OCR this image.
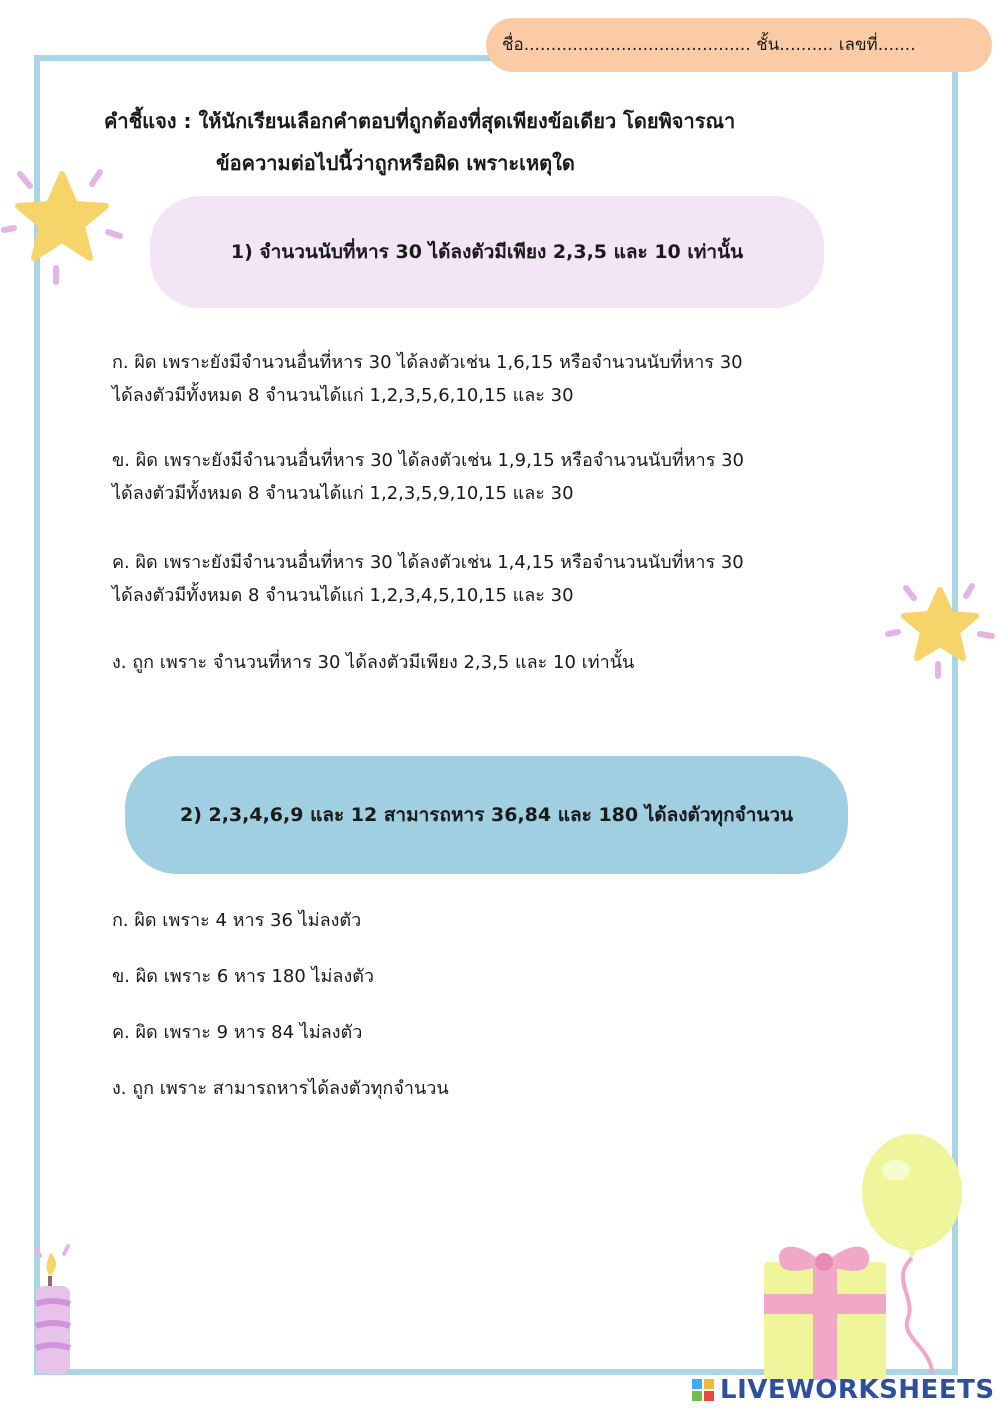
ชื่อ.......................................... ชั้น.......... เลขที่.......
คำชี้แจง : ให้นักเรียนเลือกคำตอบที่ถูกต้องที่สุดเพียงข้อเดียว โดยพิจารณา
ข้อความต่อไปนี้ว่าถูกหรือผิด เพราะเหตุใด
1) จำนวนนับที่หาร 30 ได้ลงตัวมีเพียง 2,3,5 และ 10 เท่านั้น
ก. ผิด เพราะยังมีจำนวนอื่นที่หาร 30 ได้ลงตัวเช่น 1,6,15 หรือจำนวนนับที่หาร 30
ได้ลงตัวมีทั้งหมด 8 จำนวนได้แก่ 1,2,3,5,6,10,15 และ 30
ข. ผิด เพราะยังมีจำนวนอื่นที่หาร 30 ได้ลงตัวเช่น 1,9,15 หรือจำนวนนับที่หาร 30
ได้ลงตัวมีทั้งหมด 8 จำนวนได้แก่ 1,2,3,5,9,10,15 และ 30
ค. ผิด เพราะยังมีจำนวนอื่นที่หาร 30 ได้ลงตัวเช่น 1,4,15 หรือจำนวนนับที่หาร 30
ได้ลงตัวมีทั้งหมด 8 จำนวนได้แก่ 1,2,3,4,5,10,15 และ 30
ง. ถูก เพราะ จำนวนที่หาร 30 ได้ลงตัวมีเพียง 2,3,5 และ 10 เท่านั้น
2) 2,3,4,6,9 และ 12 สามารถหาร 36,84 และ 180 ได้ลงตัวทุกจำนวน
ก. ผิด เพราะ 4 หาร 36 ไม่ลงตัว
ข. ผิด เพราะ 6 หาร 180 ไม่ลงตัว
ค. ผิด เพราะ 9 หาร 84 ไม่ลงตัว
ง. ถูก เพราะ สามารถหารได้ลงตัวทุกจำนวน
LIVEWORKSHEETS
